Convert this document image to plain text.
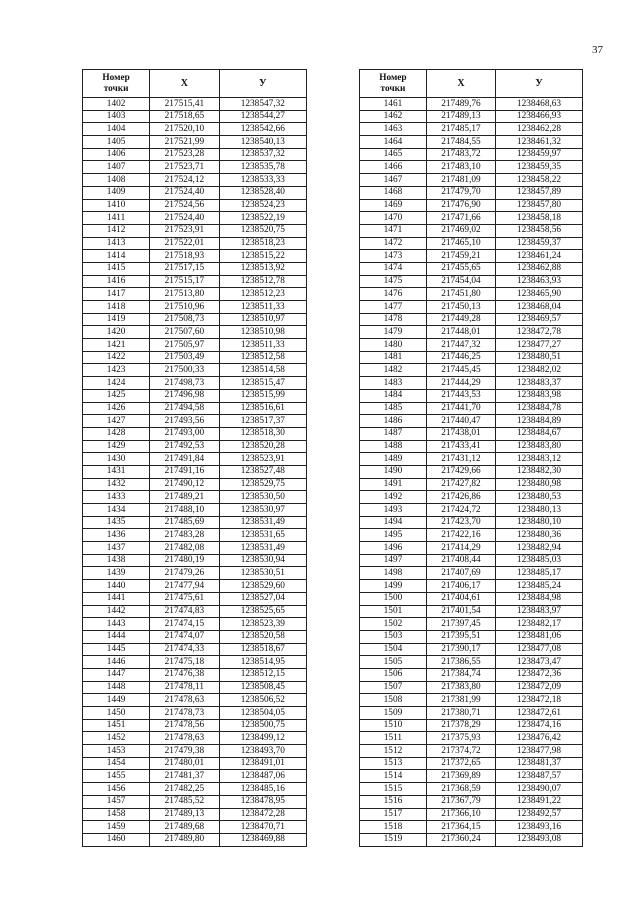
37
Номер
точки	X	У
1402	217515,41	1238547,32
1403	217518,65	1238544,27
1404	217520,10	1238542,66
1405	217521,99	1238540,13
1406	217523,28	1238537,32
1407	217523,71	1238535,78
1408	217524,12	1238533,33
1409	217524,40	1238528,40
1410	217524,56	1238524,23
1411	217524,40	1238522,19
1412	217523,91	1238520,75
1413	217522,01	1238518,23
1414	217518,93	1238515,22
1415	217517,15	1238513,92
1416	217515,17	1238512,78
1417	217513,80	1238512,23
1418	217510,96	1238511,33
1419	217508,73	1238510,97
1420	217507,60	1238510,98
1421	217505,97	1238511,33
1422	217503,49	1238512,58
1423	217500,33	1238514,58
1424	217498,73	1238515,47
1425	217496,98	1238515,99
1426	217494,58	1238516,61
1427	217493,56	1238517,37
1428	217493,00	1238518,30
1429	217492,53	1238520,28
1430	217491,84	1238523,91
1431	217491,16	1238527,48
1432	217490,12	1238529,75
1433	217489,21	1238530,50
1434	217488,10	1238530,97
1435	217485,69	1238531,49
1436	217483,28	1238531,65
1437	217482,08	1238531,49
1438	217480,19	1238530,94
1439	217479,26	1238530,51
1440	217477,94	1238529,60
1441	217475,61	1238527,04
1442	217474,83	1238525,65
1443	217474,15	1238523,39
1444	217474,07	1238520,58
1445	217474,33	1238518,67
1446	217475,18	1238514,95
1447	217476,38	1238512,15
1448	217478,11	1238508,45
1449	217478,63	1238506,52
1450	217478,73	1238504,05
1451	217478,56	1238500,75
1452	217478,63	1238499,12
1453	217479,38	1238493,70
1454	217480,01	1238491,01
1455	217481,37	1238487,06
1456	217482,25	1238485,16
1457	217485,52	1238478,95
1458	217489,13	1238472,28
1459	217489,68	1238470,71
1460	217489,80	1238469,88
Номер
точки	X	У
1461	217489,76	1238468,63
1462	217489,13	1238466,93
1463	217485,17	1238462,28
1464	217484,55	1238461,32
1465	217483,72	1238459,97
1466	217483,10	1238459,35
1467	217481,09	1238458,22
1468	217479,70	1238457,89
1469	217476,90	1238457,80
1470	217471,66	1238458,18
1471	217469,02	1238458,56
1472	217465,10	1238459,37
1473	217459,21	1238461,24
1474	217455,65	1238462,88
1475	217454,04	1238463,93
1476	217451,80	1238465,90
1477	217450,13	1238468,04
1478	217449,28	1238469,57
1479	217448,01	1238472,78
1480	217447,32	1238477,27
1481	217446,25	1238480,51
1482	217445,45	1238482,02
1483	217444,29	1238483,37
1484	217443,53	1238483,98
1485	217441,70	1238484,78
1486	217440,47	1238484,89
1487	217438,01	1238484,67
1488	217433,41	1238483,80
1489	217431,12	1238483,12
1490	217429,66	1238482,30
1491	217427,82	1238480,98
1492	217426,86	1238480,53
1493	217424,72	1238480,13
1494	217423,70	1238480,10
1495	217422,16	1238480,36
1496	217414,29	1238482,94
1497	217408,44	1238485,03
1498	217407,69	1238485,17
1499	217406,17	1238485,24
1500	217404,61	1238484,98
1501	217401,54	1238483,97
1502	217397,45	1238482,17
1503	217395,51	1238481,06
1504	217390,17	1238477,08
1505	217386,55	1238473,47
1506	217384,74	1238472,36
1507	217383,80	1238472,09
1508	217381,99	1238472,18
1509	217380,71	1238472,61
1510	217378,29	1238474,16
1511	217375,93	1238476,42
1512	217374,72	1238477,98
1513	217372,65	1238481,37
1514	217369,89	1238487,57
1515	217368,59	1238490,07
1516	217367,79	1238491,22
1517	217366,10	1238492,57
1518	217364,15	1238493,16
1519	217360,24	1238493,08
